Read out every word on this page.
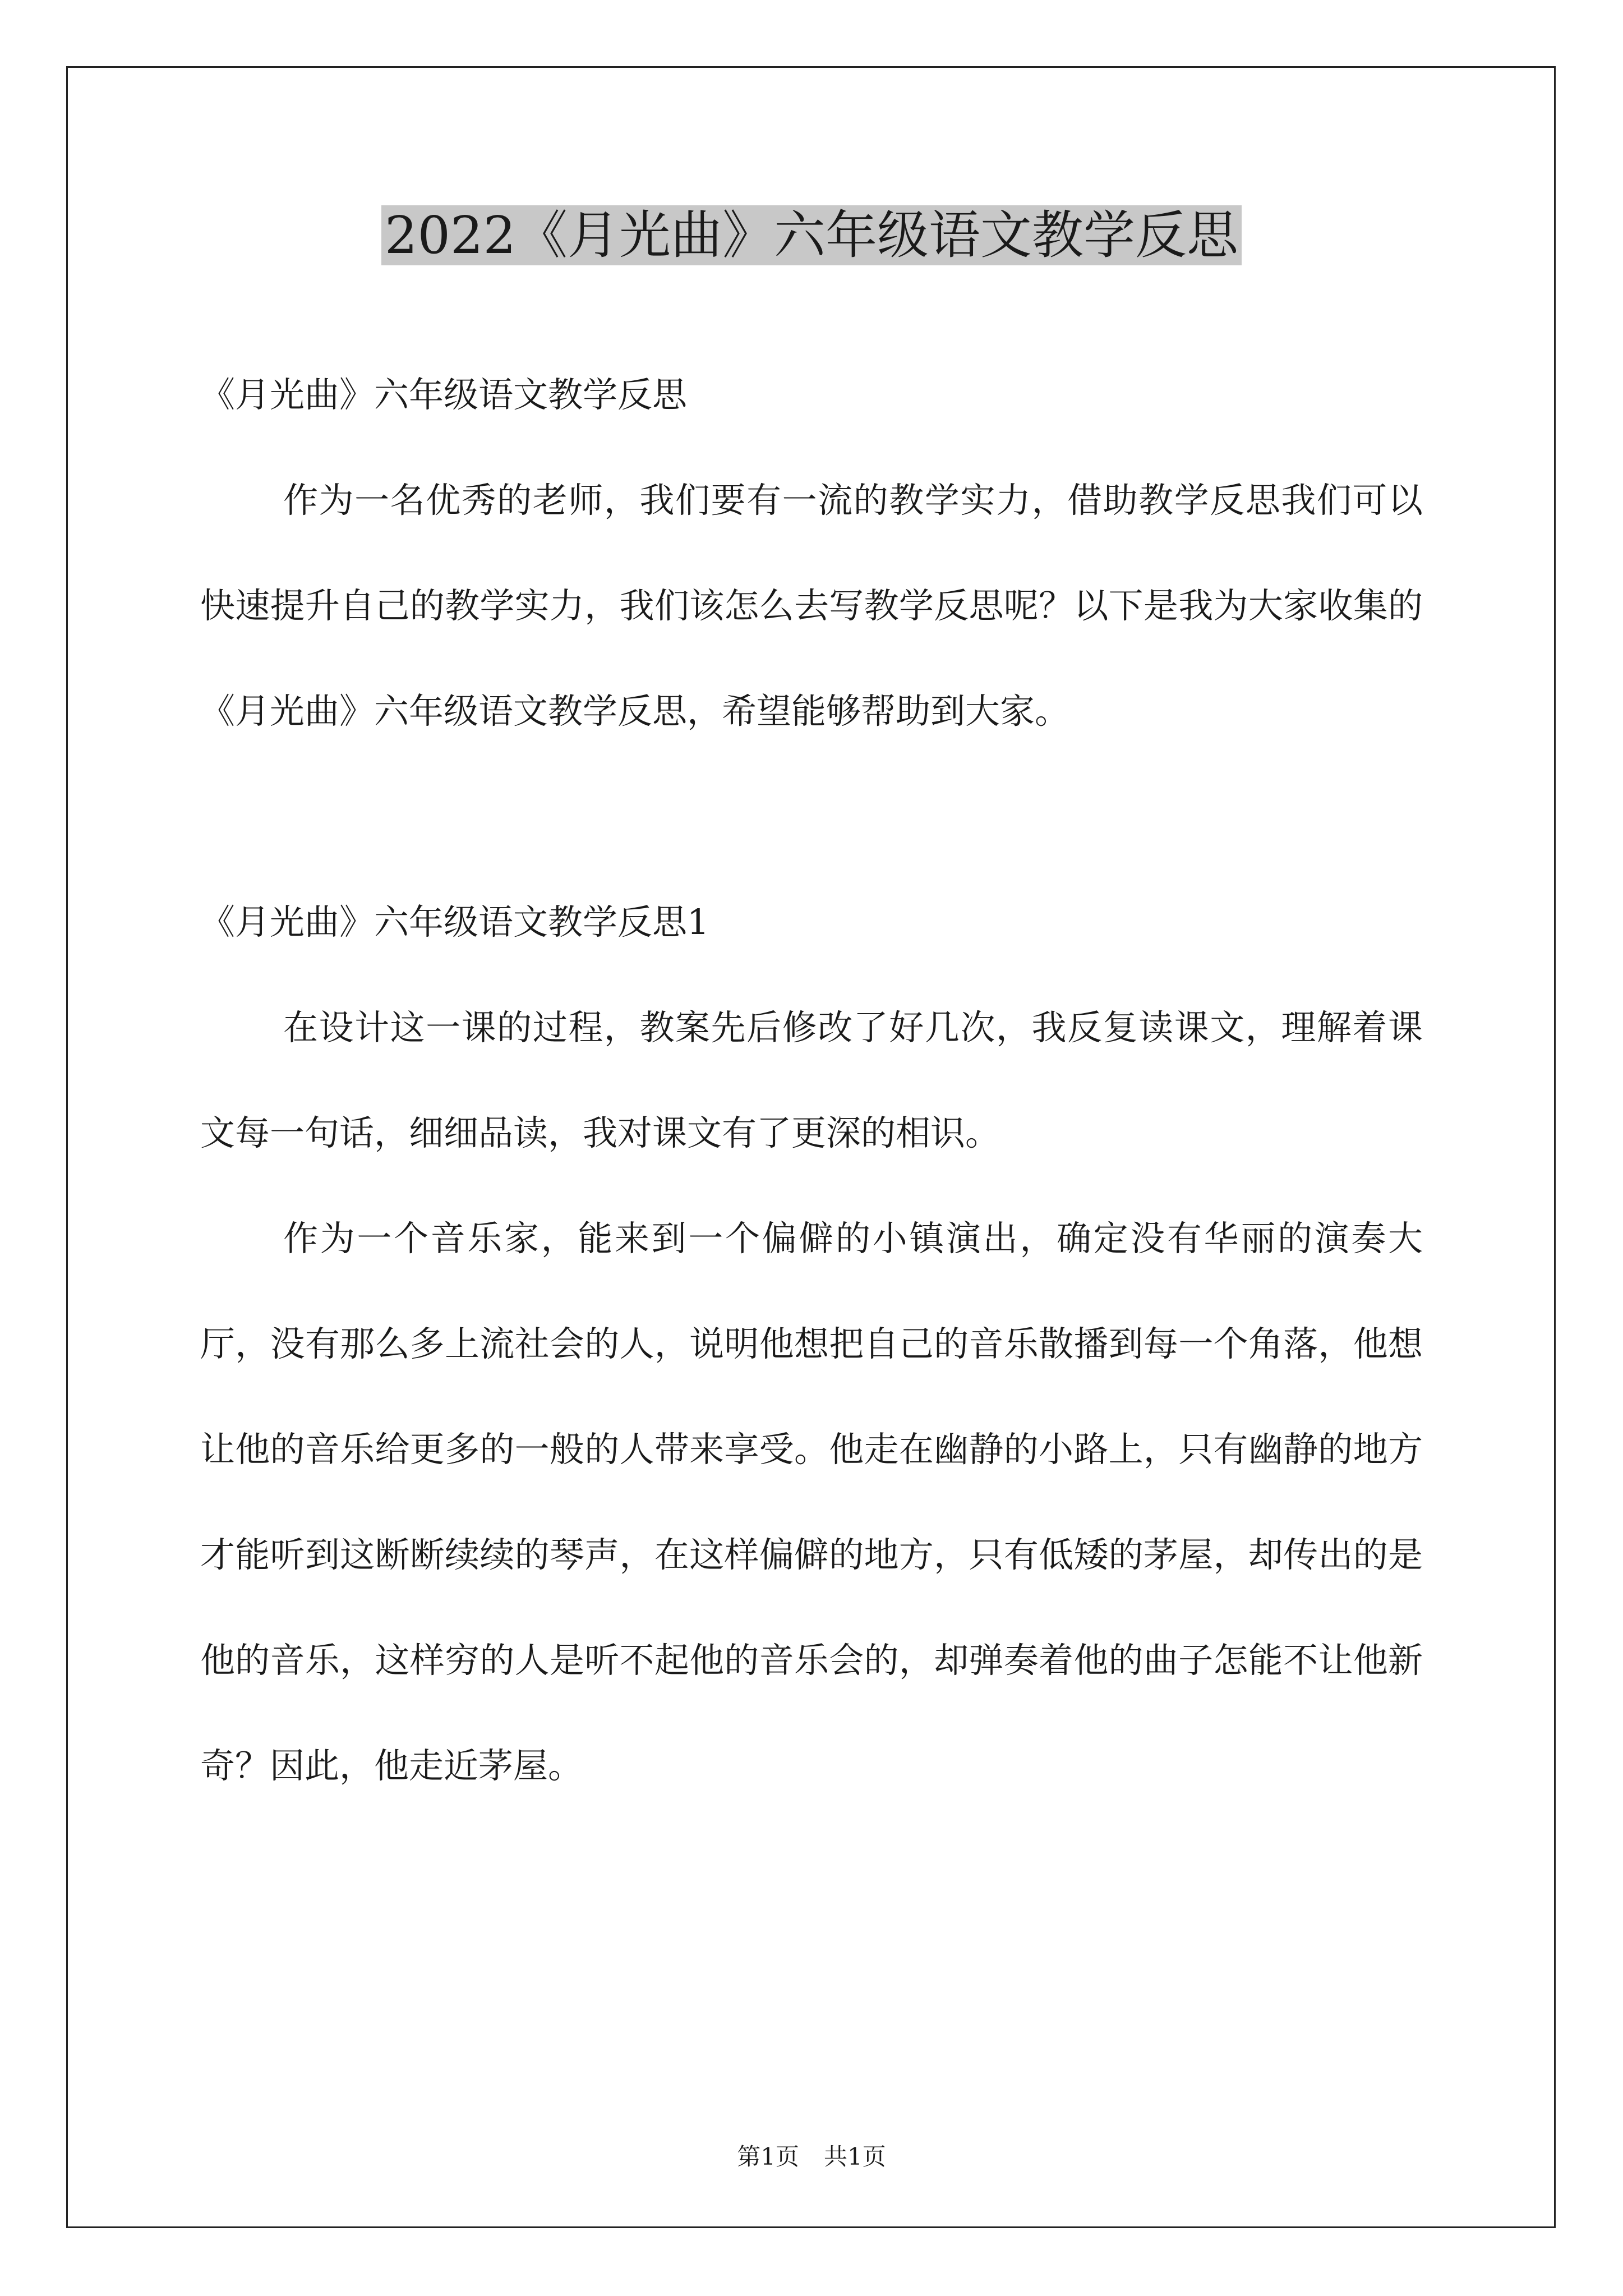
2022《月光曲》六年级语文教学反思

《月光曲》六年级语文教学反思

作为一名优秀的老师，我们要有一流的教学实力，借助教学反思我们可以快速提升自己的教学实力，我们该怎么去写教学反思呢？以下是我为大家收集的《月光曲》六年级语文教学反思，希望能够帮助到大家。

《月光曲》六年级语文教学反思1

在设计这一课的过程，教案先后修改了好几次，我反复读课文，理解着课文每一句话，细细品读，我对课文有了更深的相识。

作为一个音乐家，能来到一个偏僻的小镇演出，确定没有华丽的演奏大厅，没有那么多上流社会的人，说明他想把自己的音乐散播到每一个角落，他想让他的音乐给更多的一般的人带来享受。他走在幽静的小路上，只有幽静的地方才能听到这断断续续的琴声，在这样偏僻的地方，只有低矮的茅屋，却传出的是他的音乐，这样穷的人是听不起他的音乐会的，却弹奏着他的曲子怎能不让他新奇？因此，他走近茅屋。

第1页 共1页
